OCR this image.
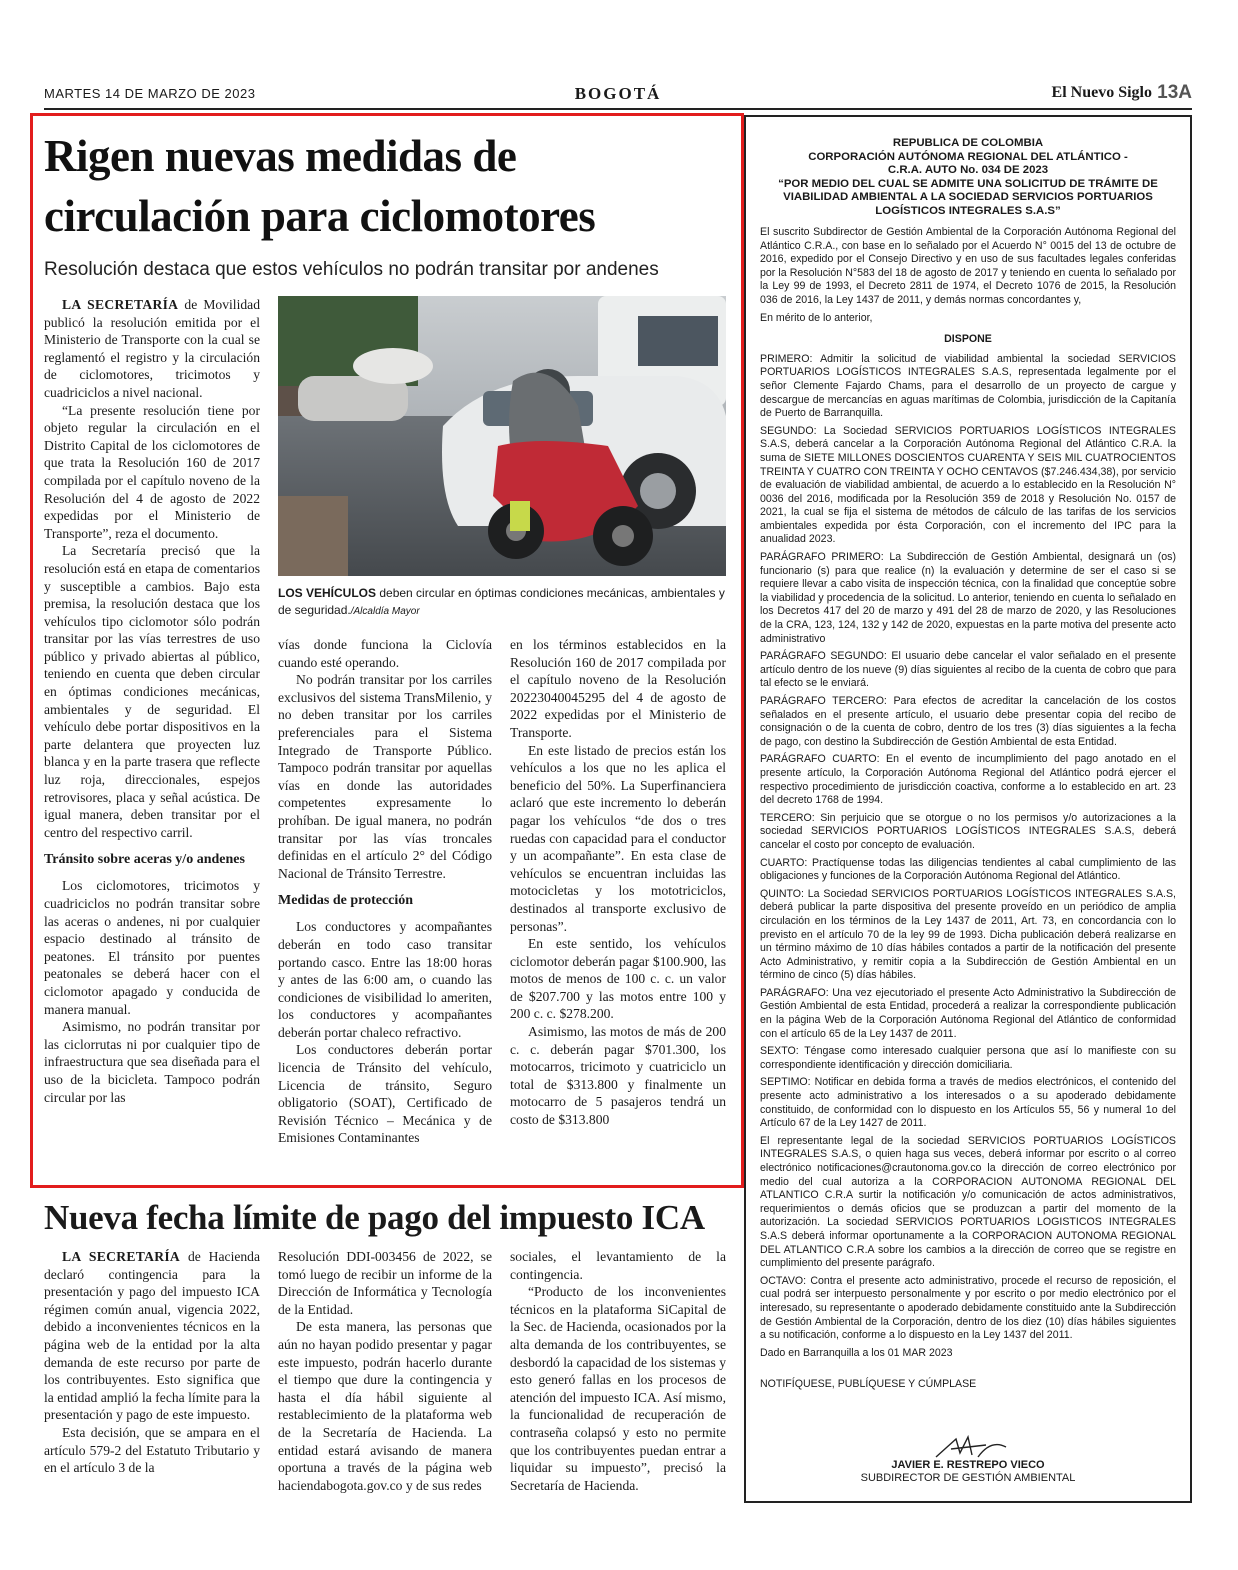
MARTES 14 DE MARZO DE 2023	BOGOTÁ	El Nuevo Siglo 13A
Rigen nuevas medidas de
circulación para ciclomotores
Resolución destaca que estos vehículos no podrán transitar por andenes

LA SECRETARÍA de Movilidad publicó la resolución emitida por el Ministerio de Transporte con la cual se reglamentó el registro y la circulación de ciclomotores, tricimotos y cuadriciclos a nivel nacional.

“La presente resolución tiene por objeto regular la circulación en el Distrito Capital de los ciclomotores de que trata la Resolución 160 de 2017 compilada por el capítulo noveno de la Resolución del 4 de agosto de 2022 expedidas por el Ministerio de Transporte”, reza el documento.

La Secretaría precisó que la resolución está en etapa de comentarios y susceptible a cambios. Bajo esta premisa, la resolución destaca que los vehículos tipo ciclomotor sólo podrán transitar por las vías terrestres de uso público y privado abiertas al público, teniendo en cuenta que deben circular en óptimas condiciones mecánicas, ambientales y de seguridad. El vehículo debe portar dispositivos en la parte delantera que proyecten luz blanca y en la parte trasera que reflecte luz roja, direccionales, espejos retrovisores, placa y señal acústica. De igual manera, deben transitar por el centro del respectivo carril.

Tránsito sobre aceras y/o andenes

Los ciclomotores, tricimotos y cuadriciclos no podrán transitar sobre las aceras o andenes, ni por cualquier espacio destinado al tránsito de peatones. El tránsito por puentes peatonales se deberá hacer con el ciclomotor apagado y conducida de manera manual.

Asimismo, no podrán transitar por las ciclorrutas ni por cualquier tipo de infraestructura que sea diseñada para el uso de la bicicleta. Tampoco podrán circular por las

LOS VEHÍCULOS deben circular en óptimas condiciones mecánicas, ambientales y de seguridad./Alcaldía Mayor

vías donde funciona la Ciclovía cuando esté operando.

No podrán transitar por los carriles exclusivos del sistema TransMilenio, y no deben transitar por los carriles preferenciales para el Sistema Integrado de Transporte Público. Tampoco podrán transitar por aquellas vías en donde las autoridades competentes expresamente lo prohíban. De igual manera, no podrán transitar por las vías troncales definidas en el artículo 2° del Código Nacional de Tránsito Terrestre.

Medidas de protección

Los conductores y acompañantes deberán en todo caso transitar portando casco. Entre las 18:00 horas y antes de las 6:00 am, o cuando las condiciones de visibilidad lo ameriten, los conductores y acompañantes deberán portar chaleco refractivo.

Los conductores deberán portar licencia de Tránsito del vehículo, Licencia de tránsito, Seguro obligatorio (SOAT), Certificado de Revisión Técnico – Mecánica y de Emisiones Contaminantes

en los términos establecidos en la Resolución 160 de 2017 compilada por el capítulo noveno de la Resolución 20223040045295 del 4 de agosto de 2022 expedidas por el Ministerio de Transporte.

En este listado de precios están los vehículos a los que no les aplica el beneficio del 50%. La Superfinanciera aclaró que este incremento lo deberán pagar los vehículos “de dos o tres ruedas con capacidad para el conductor y un acompañante”. En esta clase de vehículos se encuentran incluidas las motocicletas y los mototriciclos, destinados al transporte exclusivo de personas”.

En este sentido, los vehículos ciclomotor deberán pagar $100.900, las motos de menos de 100 c. c. un valor de $207.700 y las motos entre 100 y 200 c. c. $278.200.

Asimismo, las motos de más de 200 c. c. deberán pagar $701.300, los motocarros, tricimoto y cuatriciclo un total de $313.800 y finalmente un motocarro de 5 pasajeros tendrá un costo de $313.800

Nueva fecha límite de pago del impuesto ICA

LA SECRETARÍA de Hacienda declaró contingencia para la presentación y pago del impuesto ICA régimen común anual, vigencia 2022, debido a inconvenientes técnicos en la página web de la entidad por la alta demanda de este recurso por parte de los contribuyentes. Esto significa que la entidad amplió la fecha límite para la presentación y pago de este impuesto.

Esta decisión, que se ampara en el artículo 579-2 del Estatuto Tributario y en el artículo 3 de la

Resolución DDI-003456 de 2022, se tomó luego de recibir un informe de la Dirección de Informática y Tecnología de la Entidad.

De esta manera, las personas que aún no hayan podido presentar y pagar este impuesto, podrán hacerlo durante el tiempo que dure la contingencia y hasta el día hábil siguiente al restablecimiento de la plataforma web de la Secretaría de Hacienda. La entidad estará avisando de manera oportuna a través de la página web haciendabogota.gov.co y de sus redes

sociales, el levantamiento de la contingencia.

“Producto de los inconvenientes técnicos en la plataforma SiCapital de la Sec. de Hacienda, ocasionados por la alta demanda de los contribuyentes, se desbordó la capacidad de los sistemas y esto generó fallas en los procesos de atención del impuesto ICA. Así mismo, la funcionalidad de recuperación de contraseña colapsó y esto no permite que los contribuyentes puedan entrar a liquidar su impuesto”, precisó la Secretaría de Hacienda.

REPUBLICA DE COLOMBIA
CORPORACIÓN AUTÓNOMA REGIONAL DEL ATLÁNTICO -
C.R.A. AUTO No. 034 DE 2023
“POR MEDIO DEL CUAL SE ADMITE UNA SOLICITUD DE TRÁMITE DE VIABILIDAD AMBIENTAL A LA SOCIEDAD SERVICIOS PORTUARIOS LOGÍSTICOS INTEGRALES S.A.S”

El suscrito Subdirector de Gestión Ambiental de la Corporación Autónoma Regional del Atlántico C.R.A., con base en lo señalado por el Acuerdo N° 0015 del 13 de octubre de 2016, expedido por el Consejo Directivo y en uso de sus facultades legales conferidas por la Resolución N°583 del 18 de agosto de 2017 y teniendo en cuenta lo señalado por la Ley 99 de 1993, el Decreto 2811 de 1974, el Decreto 1076 de 2015, la Resolución 036 de 2016, la Ley 1437 de 2011, y demás normas concordantes y,

En mérito de lo anterior,

DISPONE

PRIMERO: Admitir la solicitud de viabilidad ambiental la sociedad SERVICIOS PORTUARIOS LOGÍSTICOS INTEGRALES S.A.S, representada legalmente por el señor Clemente Fajardo Chams, para el desarrollo de un proyecto de cargue y descargue de mercancías en aguas marítimas de Colombia, jurisdicción de la Capitanía de Puerto de Barranquilla.

SEGUNDO: La Sociedad SERVICIOS PORTUARIOS LOGÍSTICOS INTEGRALES S.A.S, deberá cancelar a la Corporación Autónoma Regional del Atlántico C.R.A. la suma de SIETE MILLONES DOSCIENTOS CUARENTA Y SEIS MIL CUATROCIENTOS TREINTA Y CUATRO CON TREINTA Y OCHO CENTAVOS ($7.246.434,38), por servicio de evaluación de viabilidad ambiental, de acuerdo a lo establecido en la Resolución N° 0036 del 2016, modificada por la Resolución 359 de 2018 y Resolución No. 0157 de 2021, la cual se fija el sistema de métodos de cálculo de las tarifas de los servicios ambientales expedida por ésta Corporación, con el incremento del IPC para la anualidad 2023.

PARÁGRAFO PRIMERO: La Subdirección de Gestión Ambiental, designará un (os) funcionario (s) para que realice (n) la evaluación y determine de ser el caso si se requiere llevar a cabo visita de inspección técnica, con la finalidad que conceptúe sobre la viabilidad y procedencia de la solicitud. Lo anterior, teniendo en cuenta lo señalado en los Decretos 417 del 20 de marzo y 491 del 28 de marzo de 2020, y las Resoluciones de la CRA, 123, 124, 132 y 142 de 2020, expuestas en la parte motiva del presente acto administrativo

PARÁGRAFO SEGUNDO: El usuario debe cancelar el valor señalado en el presente artículo dentro de los nueve (9) días siguientes al recibo de la cuenta de cobro que para tal efecto se le enviará.

PARÁGRAFO TERCERO: Para efectos de acreditar la cancelación de los costos señalados en el presente artículo, el usuario debe presentar copia del recibo de consignación o de la cuenta de cobro, dentro de los tres (3) días siguientes a la fecha de pago, con destino la Subdirección de Gestión Ambiental de esta Entidad.

PARÁGRAFO CUARTO: En el evento de incumplimiento del pago anotado en el presente artículo, la Corporación Autónoma Regional del Atlántico podrá ejercer el respectivo procedimiento de jurisdicción coactiva, conforme a lo establecido en art. 23 del decreto 1768 de 1994.

TERCERO: Sin perjuicio que se otorgue o no los permisos y/o autorizaciones a la sociedad SERVICIOS PORTUARIOS LOGÍSTICOS INTEGRALES S.A.S, deberá cancelar el costo por concepto de evaluación.

CUARTO: Practíquense todas las diligencias tendientes al cabal cumplimiento de las obligaciones y funciones de la Corporación Autónoma Regional del Atlántico.

QUINTO: La Sociedad SERVICIOS PORTUARIOS LOGÍSTICOS INTEGRALES S.A.S, deberá publicar la parte dispositiva del presente proveído en un periódico de amplia circulación en los términos de la Ley 1437 de 2011, Art. 73, en concordancia con lo previsto en el artículo 70 de la ley 99 de 1993. Dicha publicación deberá realizarse en un término máximo de 10 días hábiles contados a partir de la notificación del presente Acto Administrativo, y remitir copia a la Subdirección de Gestión Ambiental en un término de cinco (5) días hábiles.

PARÁGRAFO: Una vez ejecutoriado el presente Acto Administrativo la Subdirección de Gestión Ambiental de esta Entidad, procederá a realizar la correspondiente publicación en la página Web de la Corporación Autónoma Regional del Atlántico de conformidad con el artículo 65 de la Ley 1437 de 2011.

SEXTO: Téngase como interesado cualquier persona que así lo manifieste con su correspondiente identificación y dirección domiciliaria.

SEPTIMO: Notificar en debida forma a través de medios electrónicos, el contenido del presente acto administrativo a los interesados o a su apoderado debidamente constituido, de conformidad con lo dispuesto en los Artículos 55, 56 y numeral 1o del Artículo 67 de la Ley 1427 de 2011.

El representante legal de la sociedad SERVICIOS PORTUARIOS LOGÍSTICOS INTEGRALES S.A.S, o quien haga sus veces, deberá informar por escrito o al correo electrónico notificaciones@crautonoma.gov.co la dirección de correo electrónico por medio del cual autoriza a la CORPORACION AUTONOMA REGIONAL DEL ATLANTICO C.R.A surtir la notificación y/o comunicación de actos administrativos, requerimientos o demás oficios que se produzcan a partir del momento de la autorización. La sociedad SERVICIOS PORTUARIOS LOGISTICOS INTEGRALES S.A.S deberá informar oportunamente a la CORPORACION AUTONOMA REGIONAL DEL ATLANTICO C.R.A sobre los cambios a la dirección de correo que se registre en cumplimiento del presente parágrafo.

OCTAVO: Contra el presente acto administrativo, procede el recurso de reposición, el cual podrá ser interpuesto personalmente y por escrito o por medio electrónico por el interesado, su representante o apoderado debidamente constituido ante la Subdirección de Gestión Ambiental de la Corporación, dentro de los diez (10) días hábiles siguientes a su notificación, conforme a lo dispuesto en la Ley 1437 del 2011.

Dado en Barranquilla a los 01 MAR 2023

NOTIFÍQUESE, PUBLÍQUESE Y CÚMPLASE

JAVIER E. RESTREPO VIECO
SUBDIRECTOR DE GESTIÓN AMBIENTAL
